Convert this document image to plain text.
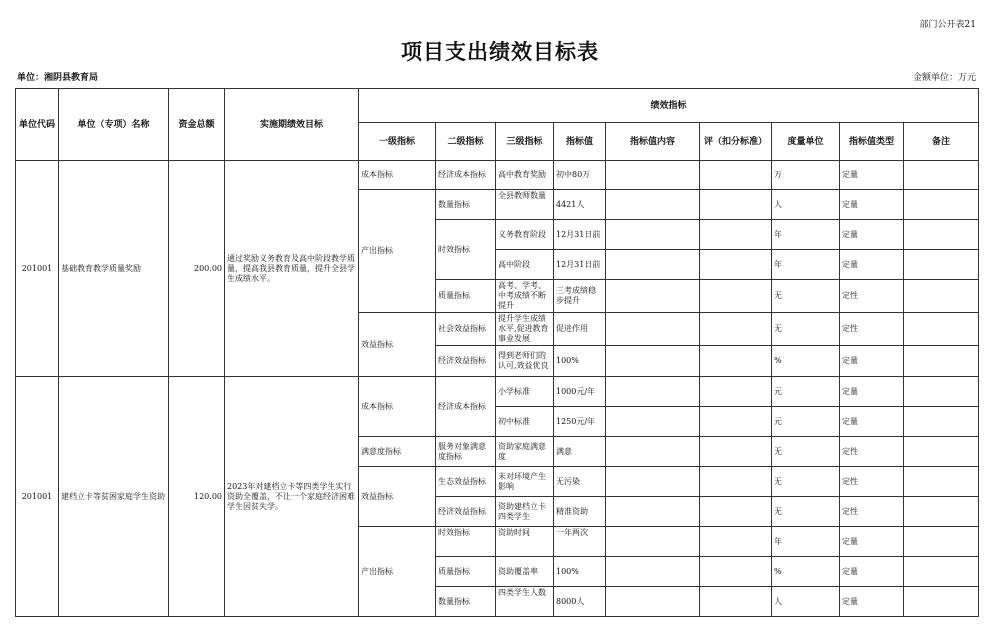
部门公开表21
项目支出绩效目标表
单位：湘阴县教育局	金额单位：万元
单位代码	单位（专项）名称	资金总额	实施期绩效目标	绩效指标								
				一级指标	二级指标	三级指标	指标值	指标值内容	评（扣分标准）	度量单位	指标值类型	备注
201001	基础教育教学质量奖励	200.00	通过奖励义务教育及高中阶段教学质量，提高我县教育质量，提升全县学生成绩水平。	成本指标	经济成本指标	高中教育奖励	初中80万			万	定量	
				产出指标	数量指标	全县教师数量	4421人			人	定量	
					时效指标	义务教育阶段	12月31日前			年	定量	
						高中阶段	12月31日前			年	定量	
					质量指标	高考、学考、中考成绩不断提升	三考成绩稳步提升			无	定性	
				效益指标	社会效益指标	提升学生成绩水平,促进教育事业发展	促进作用			无	定性	
					经济效益指标	得到老师们的认可,效益优良	100%			%	定量	
201001	建档立卡等贫困家庭学生资助	120.00	2023年对建档立卡等四类学生实行资助全覆盖，不让一个家庭经济困难学生因贫失学。	成本指标	经济成本指标	小学标准	1000元/年			元	定量	
						初中标准	1250元/年			元	定量	
				满意度指标	服务对象满意度指标	资助家庭满意度	满意			无	定性	
				效益指标	生态效益指标	未对环境产生影响	无污染			无	定性	
					经济效益指标	资助建档立卡四类学生	精准资助			无	定性	
				产出指标	时效指标	资助时间	一年两次			年	定量	
					质量指标	资助覆盖率	100%			%	定量	
					数量指标	四类学生人数	8000人			人	定量	
